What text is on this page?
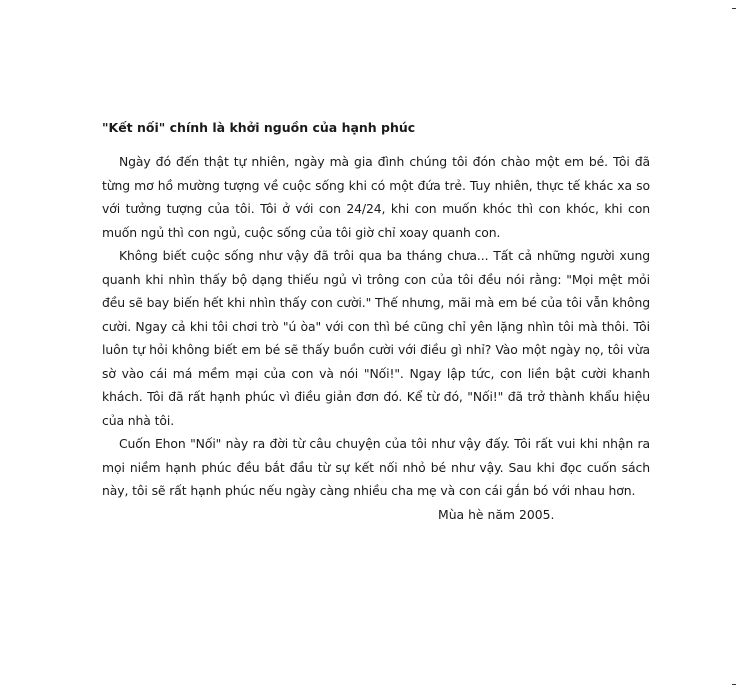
"Kết nối" chính là khởi nguồn của hạnh phúc

Ngày đó đến thật tự nhiên, ngày mà gia đình chúng tôi đón chào một em bé. Tôi đã từng mơ hồ mường tượng về cuộc sống khi có một đứa trẻ. Tuy nhiên, thực tế khác xa so với tưởng tượng của tôi. Tôi ở với con 24/24, khi con muốn khóc thì con khóc, khi con muốn ngủ thì con ngủ, cuộc sống của tôi giờ chỉ xoay quanh con.

Không biết cuộc sống như vậy đã trôi qua ba tháng chưa... Tất cả những người xung quanh khi nhìn thấy bộ dạng thiếu ngủ vì trông con của tôi đều nói rằng: "Mọi mệt mỏi đều sẽ bay biến hết khi nhìn thấy con cười." Thế nhưng, mãi mà em bé của tôi vẫn không cười. Ngay cả khi tôi chơi trò "ú òa" với con thì bé cũng chỉ yên lặng nhìn tôi mà thôi. Tôi luôn tự hỏi không biết em bé sẽ thấy buồn cười với điều gì nhỉ? Vào một ngày nọ, tôi vừa sờ vào cái má mềm mại của con và nói "Nối!". Ngay lập tức, con liền bật cười khanh khách. Tôi đã rất hạnh phúc vì điều giản đơn đó. Kể từ đó, "Nối!" đã trở thành khẩu hiệu của nhà tôi.

Cuốn Ehon "Nối" này ra đời từ câu chuyện của tôi như vậy đấy. Tôi rất vui khi nhận ra mọi niềm hạnh phúc đều bắt đầu từ sự kết nối nhỏ bé như vậy. Sau khi đọc cuốn sách này, tôi sẽ rất hạnh phúc nếu ngày càng nhiều cha mẹ và con cái gắn bó với nhau hơn.

Mùa hè năm 2005.
